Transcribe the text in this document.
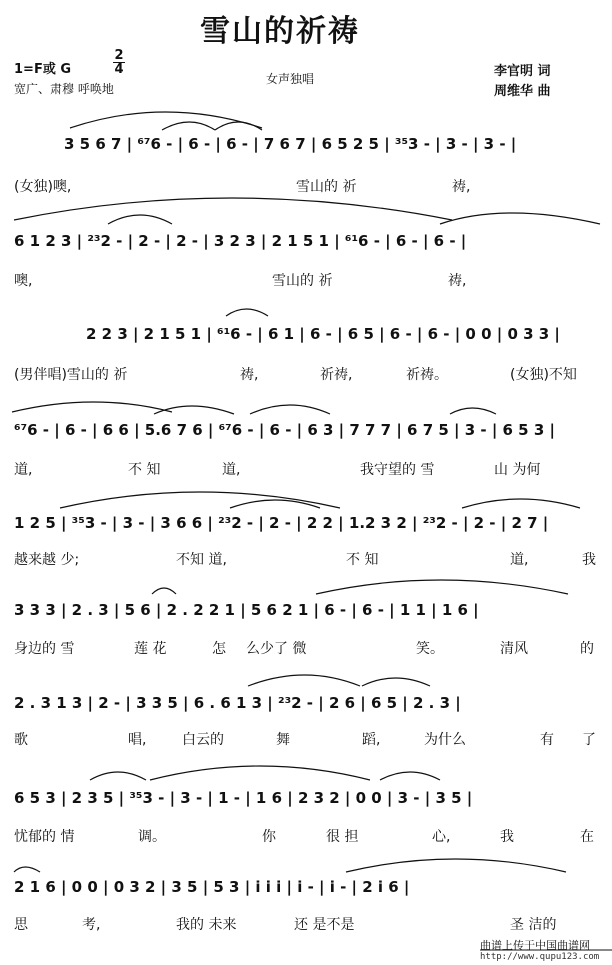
雪山的祈祷
1=F或 G
2
4
宽广、肃穆 呼唤地
女声独唱	李官明 词
周维华 曲
3 5 6 7 | ⁶⁷6 - | 6 - | 6 - | 7 6 7 | 6 5 2 5 | ³⁵3 - | 3 - | 3 - |
(女独)噢,	雪山的 祈	祷,
6 1 2 3 | ²³2 - | 2 - | 2 - | 3 2 3 | 2 1 5 1 | ⁶¹6 - | 6 - | 6 - |
噢,	雪山的 祈	祷,
2 2 3 | 2 1 5 1 | ⁶¹6 - | 6 1 | 6 - | 6 5 | 6 - | 6 - | 0 0 | 0 3 3 |
(男伴唱)雪山的 祈	祷,	祈祷,	祈祷。	(女独)不知
⁶⁷6 - | 6 - | 6 6 | 5.6 7 6 | ⁶⁷6 - | 6 - | 6 3 | 7 7 7 | 6 7 5 | 3 - | 6 5 3 |
道,	不 知	道,	我守望的 雪	山 为何
1 2 5 | ³⁵3 - | 3 - | 3 6 6 | ²³2 - | 2 - | 2 2 | 1.2 3 2 | ²³2 - | 2 - | 2 7 |
越来越 少;	不知 道,	不 知	道,	我
3 3 3 | 2 . 3 | 5 6 | 2 . 2 2 1 | 5 6 2 1 | 6 - | 6 - | 1 1 | 1 6 |
身边的 雪	莲 花	怎 么少了 微	笑。	清风	的
2 . 3 1 3 | 2 - | 3 3 5 | 6 . 6 1 3 | ²³2 - | 2 6 | 6 5 | 2 . 3 |
歌	唱,	白云的	舞	蹈,	为什么	有 了
6 5 3 | 2 3 5 | ³⁵3 - | 3 - | 1 - | 1 6 | 2 3 2 | 0 0 | 3 - | 3 5 |
忧郁的 情	调。	你	很 担	心,	我	在
2 1 6 | 0 0 | 0 3 2 | 3 5 | 5 3 | i i i | i - | i - | 2 i 6 |
思	考,	我的 未来	还 是不是	圣 洁的
曲谱上传于中国曲谱网
http://www.qupu123.com
